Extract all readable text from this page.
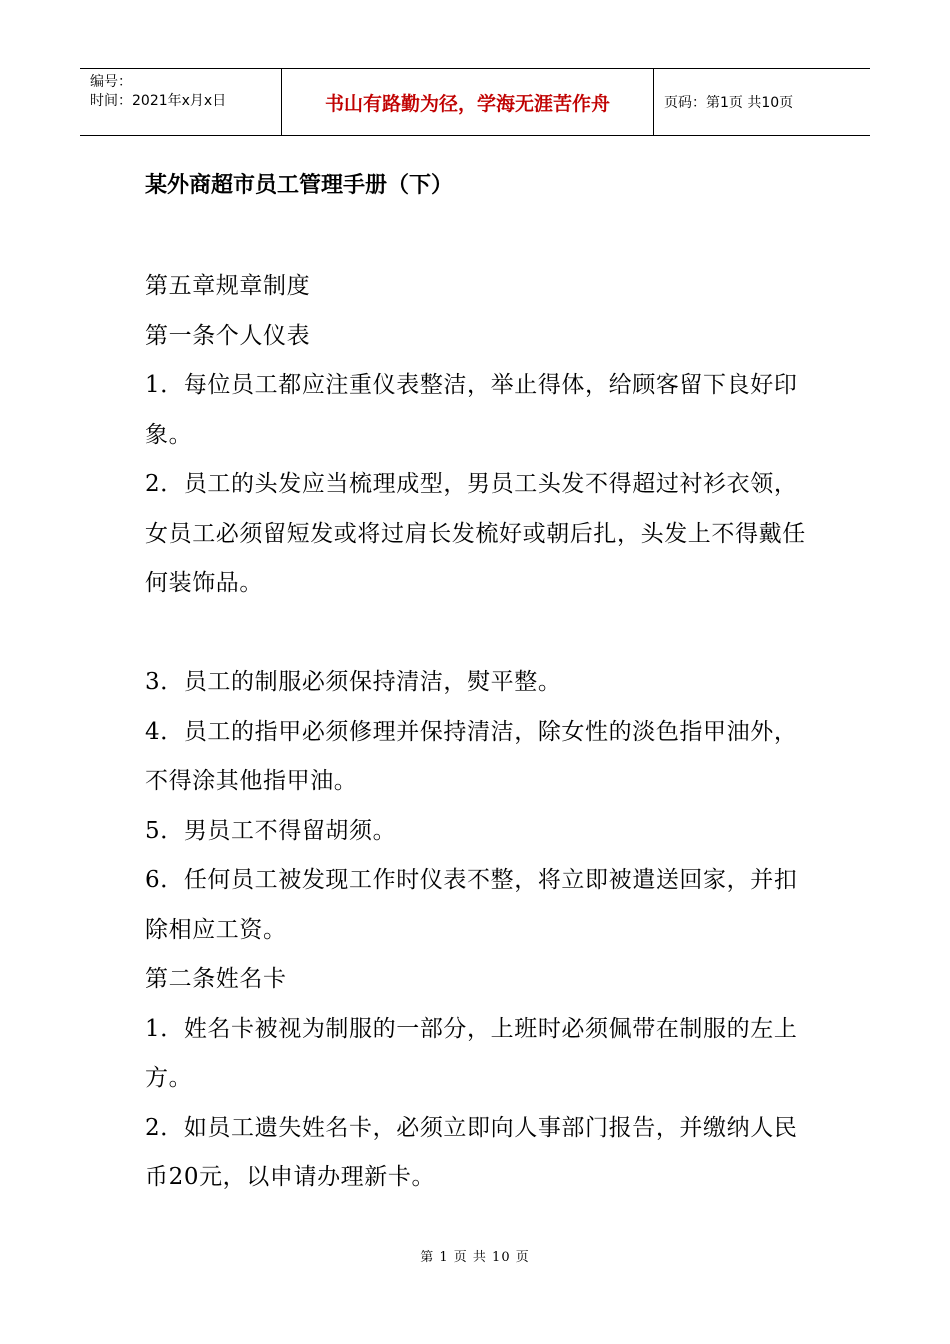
编号：
时间：2021年x月x日	书山有路勤为径，学海无涯苦作舟	页码：第1页 共10页
某外商超市员工管理手册（下）

第五章规章制度

第一条个人仪表

1．每位员工都应注重仪表整洁，举止得体，给顾客留下良好印象。

2．员工的头发应当梳理成型，男员工头发不得超过衬衫衣领，女员工必须留短发或将过肩长发梳好或朝后扎，头发上不得戴任何装饰品。

3．员工的制服必须保持清洁，熨平整。

4．员工的指甲必须修理并保持清洁，除女性的淡色指甲油外，不得涂其他指甲油。

5．男员工不得留胡须。

6．任何员工被发现工作时仪表不整，将立即被遣送回家，并扣除相应工资。

第二条姓名卡

1．姓名卡被视为制服的一部分，上班时必须佩带在制服的左上方。

2．如员工遗失姓名卡，必须立即向人事部门报告，并缴纳人民币20元，以申请办理新卡。

第 1 页 共 10 页
